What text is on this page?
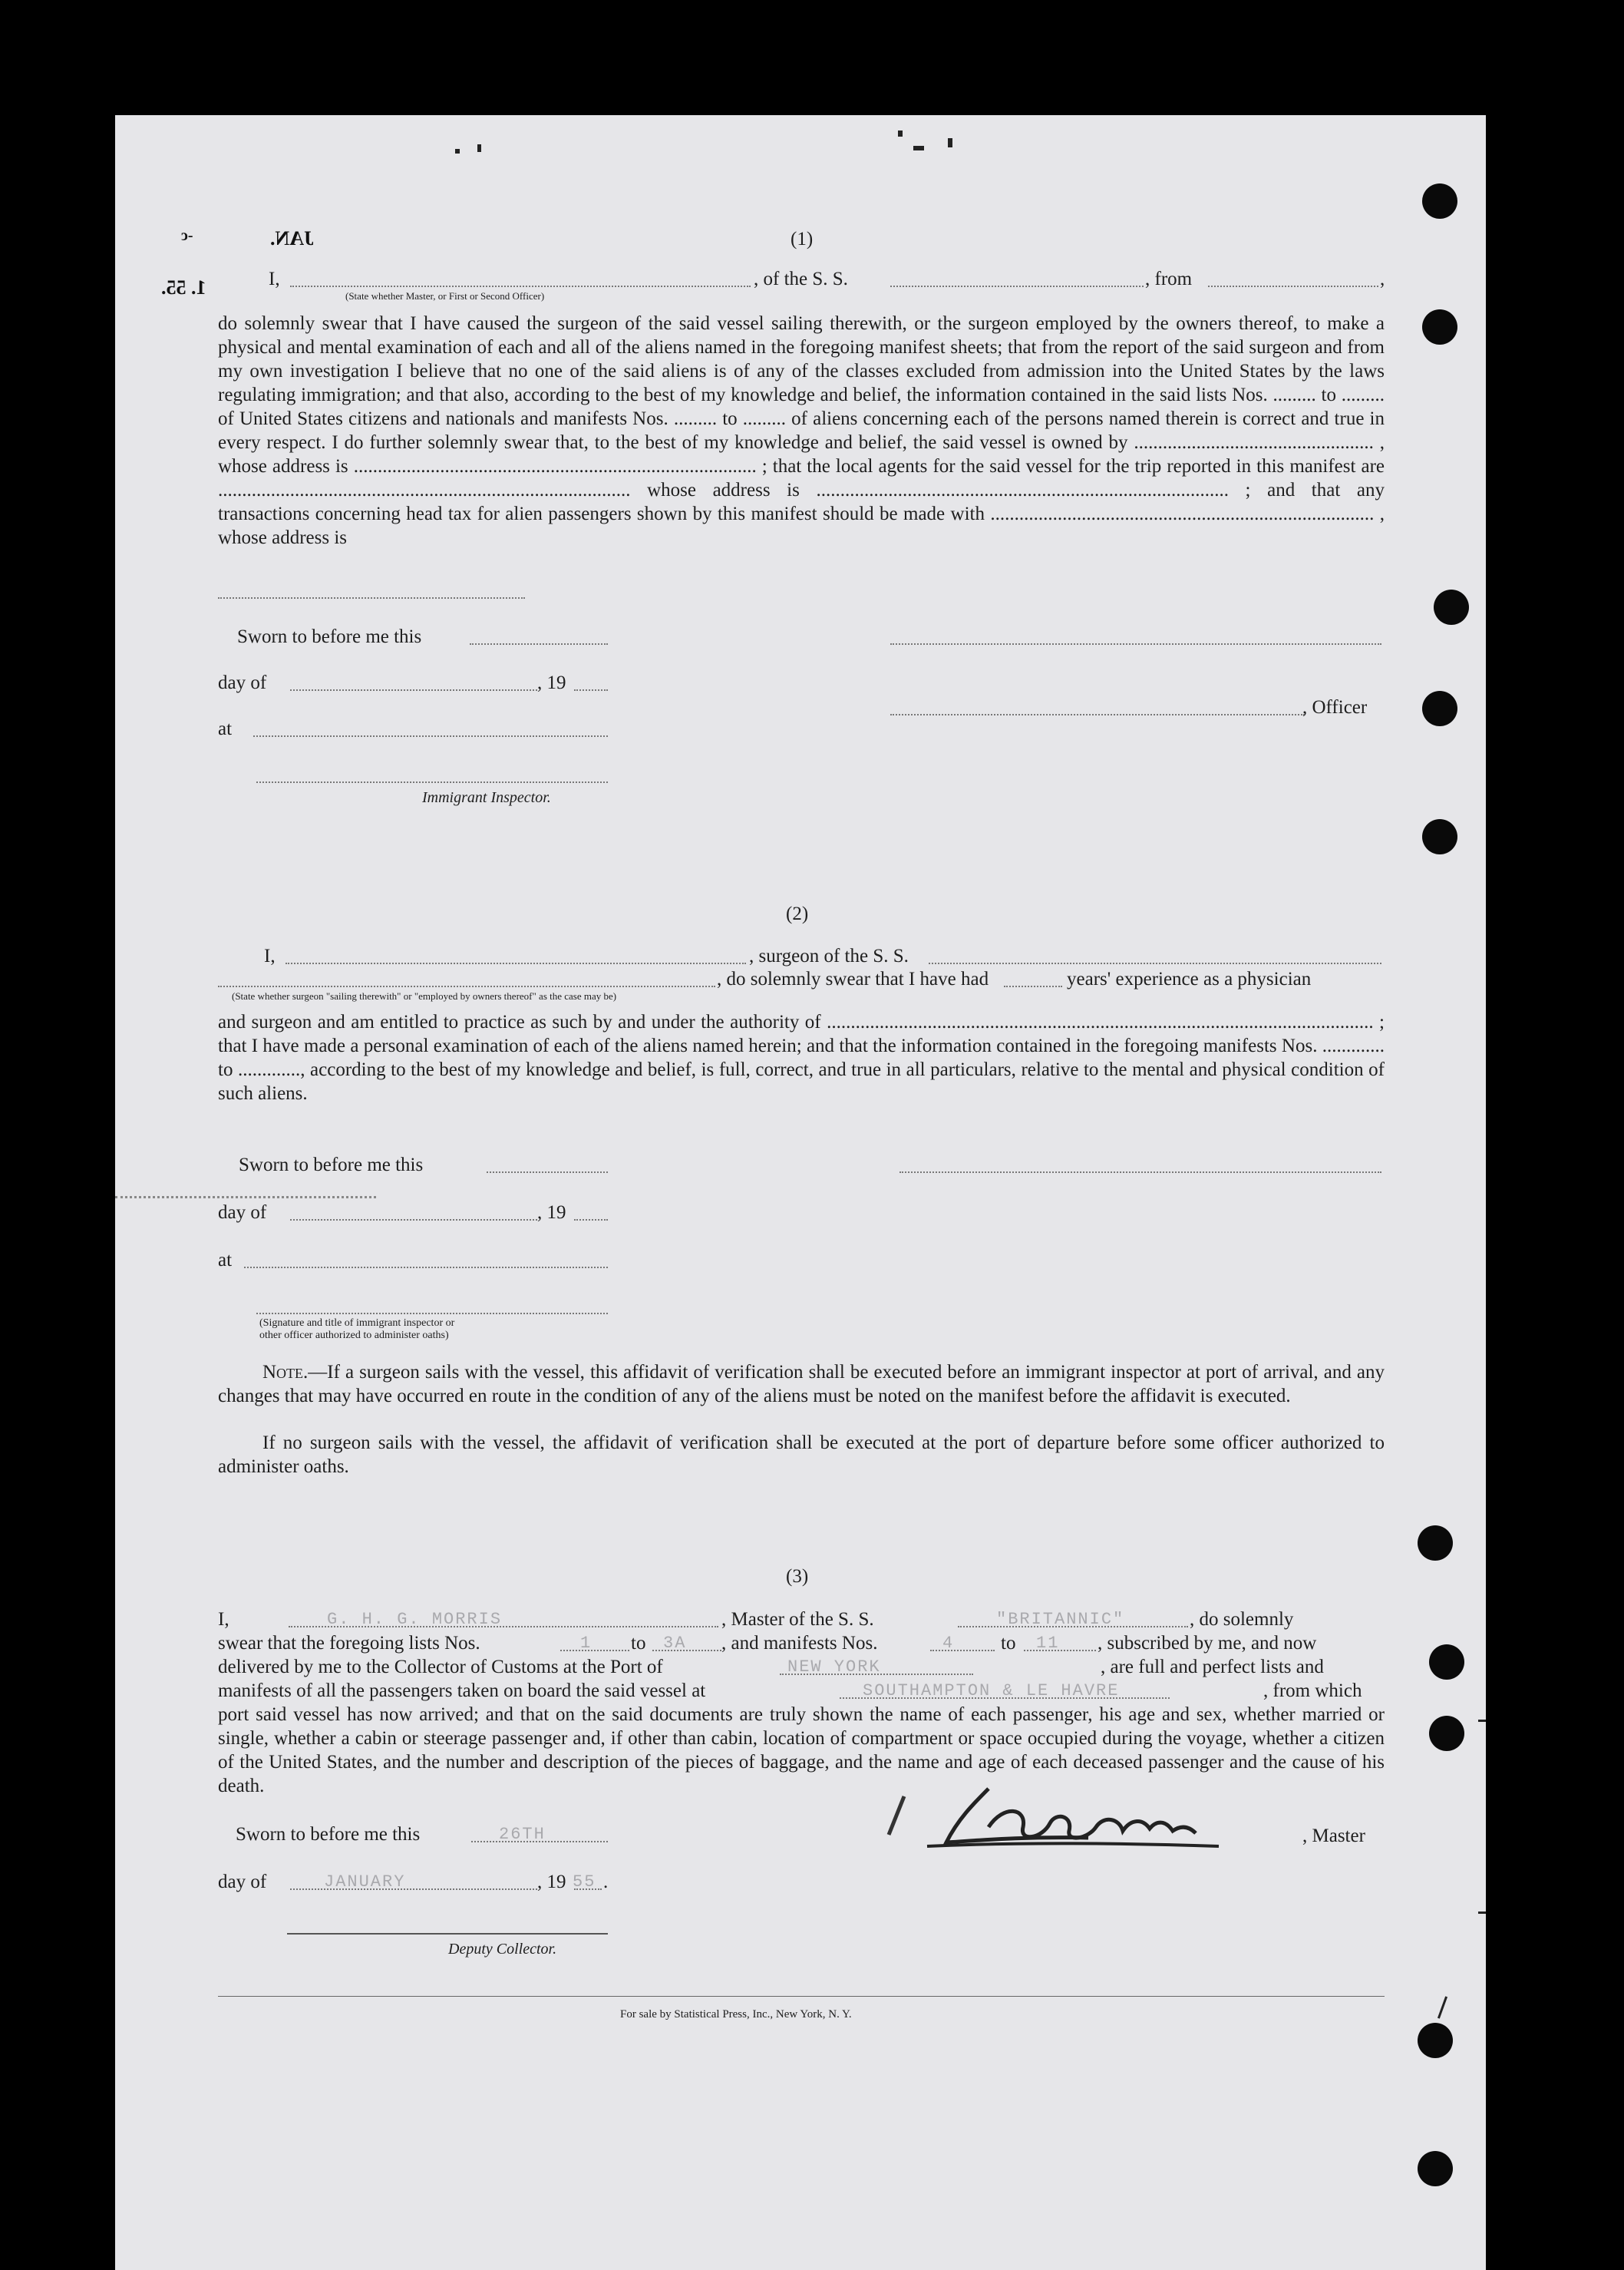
JAN.
1. 55.
-c	(1)
I,	, of the S. S.	, from	,
(State whether Master, or First or Second Officer)
do solemnly swear that I have caused the surgeon of the said vessel sailing therewith, or the surgeon employed by the owners thereof, to make a physical and mental examination of each and all of the aliens named in the foregoing manifest sheets; that from the report of the said surgeon and from my own investigation I believe that no one of the said aliens is of any of the classes excluded from admission into the United States by the laws regulating immigration; and that also, according to the best of my knowledge and belief, the information contained in the said lists Nos. ......... to ......... of United States citizens and nationals and manifests Nos. ......... to ......... of aliens concerning each of the persons named therein is correct and true in every respect. I do further solemnly swear that, to the best of my knowledge and belief, the said vessel is owned by .................................................. , whose address is .................................................................................... ; that the local agents for the said vessel for the trip reported in this manifest are ...................................................................................... whose address is ...................................................................................... ; and that any transactions concerning head tax for alien passengers shown by this manifest should be made with ................................................................................ , whose address is
Sworn to before me this
day of	, 19
, Officer
at
Immigrant Inspector.
(2)
I,	, surgeon of the S. S.
, do solemnly swear that I have had	years' experience as a physician
(State whether surgeon "sailing therewith" or "employed by owners thereof" as the case may be)
and surgeon and am entitled to practice as such by and under the authority of .................................................................................................................. ; that I have made a personal examination of each of the aliens named herein; and that the information contained in the foregoing manifests Nos. ............. to ............., according to the best of my knowledge and belief, is full, correct, and true in all particulars, relative to the mental and physical condition of such aliens.
Sworn to before me this
day of	, 19
at
(Signature and title of immigrant inspector or
other officer authorized to administer oaths)
Note.—If a surgeon sails with the vessel, this affidavit of verification shall be executed before an immigrant inspector at port of arrival, and any changes that may have occurred en route in the condition of any of the aliens must be noted on the manifest before the affidavit is executed.
If no surgeon sails with the vessel, the affidavit of verification shall be executed at the port of departure before some officer authorized to administer oaths.
(3)
I,	G. H. G. MORRIS	, Master of the S. S.	"BRITANNIC"	, do solemnly
swear that the foregoing lists Nos.	1 to 3A , and manifests Nos.	4 to 11 , subscribed by me, and now
delivered by me to the Collector of Customs at the Port of	NEW YORK	, are full and perfect lists and
manifests of all the passengers taken on board the said vessel at	SOUTHAMPTON & LE HAVRE	, from which
port said vessel has now arrived; and that on the said documents are truly shown the name of each passenger, his age and sex, whether married or single, whether a cabin or steerage passenger and, if other than cabin, location of compartment or space occupied during the voyage, whether a citizen of the United States, and the number and description of the pieces of baggage, and the name and age of each deceased passenger and the cause of his death.
Sworn to before me this	26TH	, Master
day of	JANUARY	, 19 55 .
Deputy Collector.
For sale by Statistical Press, Inc., New York, N. Y.
